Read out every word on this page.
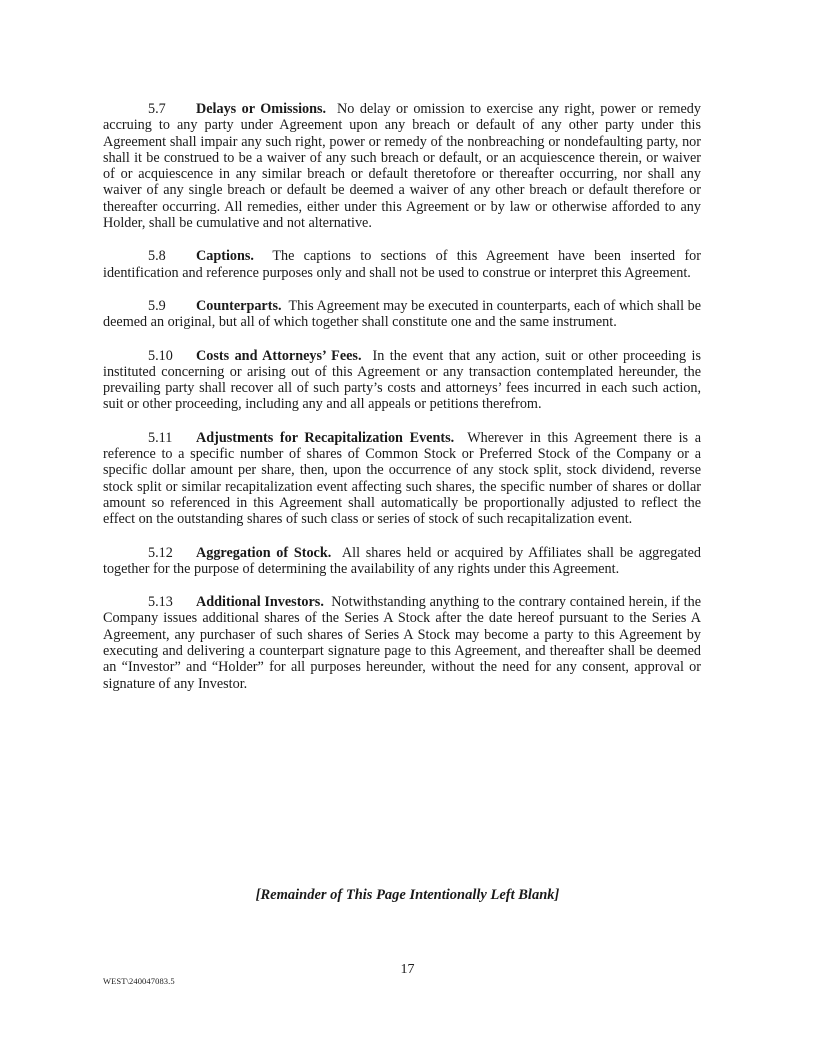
5.7 Delays or Omissions. No delay or omission to exercise any right, power or remedy accruing to any party under Agreement upon any breach or default of any other party under this Agreement shall impair any such right, power or remedy of the nonbreaching or nondefaulting party, nor shall it be construed to be a waiver of any such breach or default, or an acquiescence therein, or waiver of or acquiescence in any similar breach or default theretofore or thereafter occurring, nor shall any waiver of any single breach or default be deemed a waiver of any other breach or default therefore or thereafter occurring. All remedies, either under this Agreement or by law or otherwise afforded to any Holder, shall be cumulative and not alternative.

5.8 Captions. The captions to sections of this Agreement have been inserted for identification and reference purposes only and shall not be used to construe or interpret this Agreement.

5.9 Counterparts. This Agreement may be executed in counterparts, each of which shall be deemed an original, but all of which together shall constitute one and the same instrument.

5.10 Costs and Attorneys’ Fees. In the event that any action, suit or other proceeding is instituted concerning or arising out of this Agreement or any transaction contemplated hereunder, the prevailing party shall recover all of such party’s costs and attorneys’ fees incurred in each such action, suit or other proceeding, including any and all appeals or petitions therefrom.

5.11 Adjustments for Recapitalization Events. Wherever in this Agreement there is a reference to a specific number of shares of Common Stock or Preferred Stock of the Company or a specific dollar amount per share, then, upon the occurrence of any stock split, stock dividend, reverse stock split or similar recapitalization event affecting such shares, the specific number of shares or dollar amount so referenced in this Agreement shall automatically be proportionally adjusted to reflect the effect on the outstanding shares of such class or series of stock of such recapitalization event.

5.12 Aggregation of Stock. All shares held or acquired by Affiliates shall be aggregated together for the purpose of determining the availability of any rights under this Agreement.

5.13 Additional Investors. Notwithstanding anything to the contrary contained herein, if the Company issues additional shares of the Series A Stock after the date hereof pursuant to the Series A Agreement, any purchaser of such shares of Series A Stock may become a party to this Agreement by executing and delivering a counterpart signature page to this Agreement, and thereafter shall be deemed an “Investor” and “Holder” for all purposes hereunder, without the need for any consent, approval or signature of any Investor.

[Remainder of This Page Intentionally Left Blank]
17
WEST\240047083.5
